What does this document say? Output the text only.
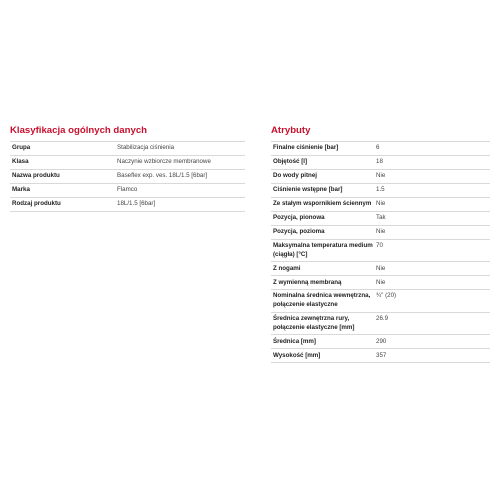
Klasyfikacja ogólnych danych
Grupa	Stabilizacja ciśnienia
Klasa	Naczynie wzbiorcze membranowe
Nazwa produktu	Baseflex exp. ves. 18L/1.5 [6bar]
Marka	Flamco
Rodzaj produktu	18L/1.5 [6bar]
Atrybuty
Finalne ciśnienie [bar]	6
Objętość [l]	18
Do wody pitnej	Nie
Ciśnienie wstępne [bar]	1.5
Ze stałym wspornikiem ściennym	Nie
Pozycja, pionowa	Tak
Pozycja, pozioma	Nie
Maksymalna temperatura medium (ciągła) [°C]	70
Z nogami	Nie
Z wymienną membraną	Nie
Nominalna średnica wewnętrzna, połączenie elastyczne	¾" (20)
Średnica zewnętrzna rury, połączenie elastyczne [mm]	26.9
Średnica [mm]	290
Wysokość [mm]	357
